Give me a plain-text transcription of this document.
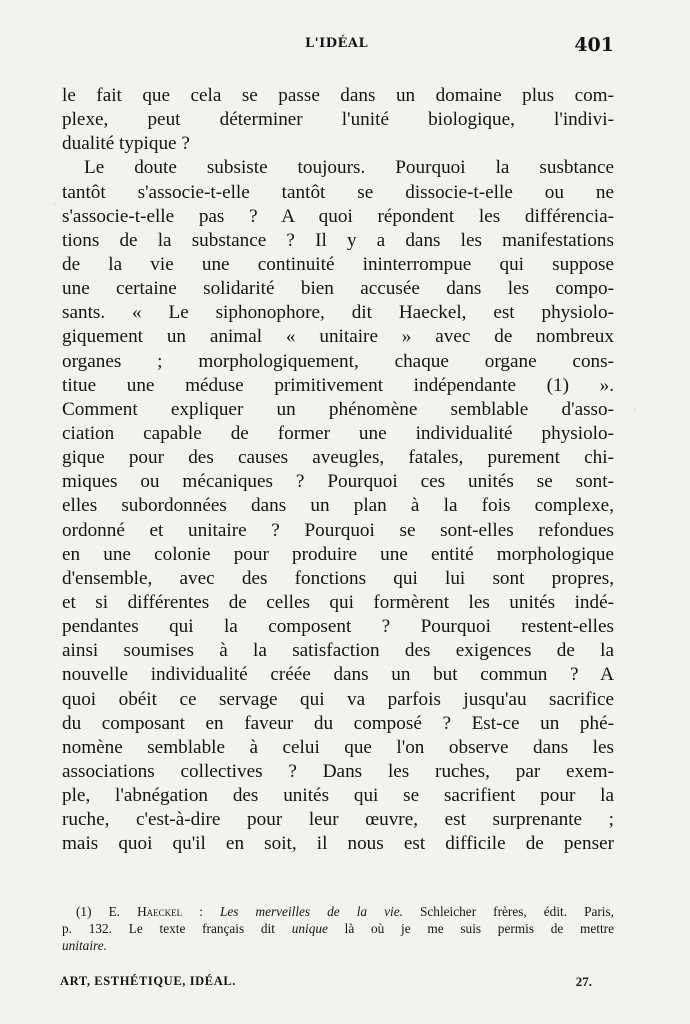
L'IDÉAL	401
le fait que cela se passe dans un domaine plus com-
plexe, peut déterminer l'unité biologique, l'indivi-
dualité typique ?
Le doute subsiste toujours. Pourquoi la susbtance
tantôt s'associe-t-elle tantôt se dissocie-t-elle ou ne
s'associe-t-elle pas ? A quoi répondent les différencia-
tions de la substance ? Il y a dans les manifestations
de la vie une continuité ininterrompue qui suppose
une certaine solidarité bien accusée dans les compo-
sants. « Le siphonophore, dit Haeckel, est physiolo-
giquement un animal « unitaire » avec de nombreux
organes ; morphologiquement, chaque organe cons-
titue une méduse primitivement indépendante (1) ».
Comment expliquer un phénomène semblable d'asso-
ciation capable de former une individualité physiolo-
gique pour des causes aveugles, fatales, purement chi-
miques ou mécaniques ? Pourquoi ces unités se sont-
elles subordonnées dans un plan à la fois complexe,
ordonné et unitaire ? Pourquoi se sont-elles refondues
en une colonie pour produire une entité morphologique
d'ensemble, avec des fonctions qui lui sont propres,
et si différentes de celles qui formèrent les unités indé-
pendantes qui la composent ? Pourquoi restent-elles
ainsi soumises à la satisfaction des exigences de la
nouvelle individualité créée dans un but commun ? A
quoi obéit ce servage qui va parfois jusqu'au sacrifice
du composant en faveur du composé ? Est-ce un phé-
nomène semblable à celui que l'on observe dans les
associations collectives ? Dans les ruches, par exem-
ple, l'abnégation des unités qui se sacrifient pour la
ruche, c'est-à-dire pour leur œuvre, est surprenante ;
mais quoi qu'il en soit, il nous est difficile de penser
(1) E. Haeckel : Les merveilles de la vie. Schleicher frères, édit. Paris,
p. 132. Le texte français dit unique là où je me suis permis de mettre
unitaire.
ART, ESTHÉTIQUE, IDÉAL.	27.
